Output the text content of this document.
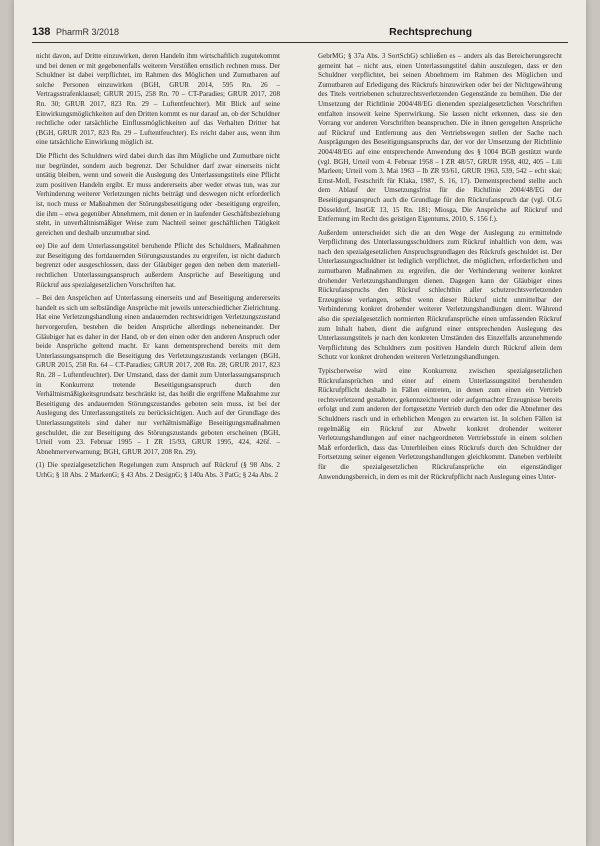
138 PharmR 3/2018	Rechtsprechung

nicht davon, auf Dritte einzuwirken, deren Handeln ihm wirtschaftlich zugutekommt und bei denen er mit gegebenenfalls weiteren Verstößen ernstlich rechnen muss. Der Schuldner ist dabei verpflichtet, im Rahmen des Möglichen und Zumutbaren auf solche Personen einzuwirken (BGH, GRUR 2014, 595 Rn. 26 – Vertragsstrafenklausel; GRUR 2015, 258 Rn. 70 – CT-Paradies; GRUR 2017, 208 Rn. 30; GRUR 2017, 823 Rn. 29 – Luftentfeuchter). Mit Blick auf seine Einwirkungsmöglichkeiten auf den Dritten kommt es nur darauf an, ob der Schuldner rechtliche oder tatsächliche Einflussmöglichkeiten auf das Verhalten Dritter hat (BGH, GRUR 2017, 823 Rn. 29 – Luftentfeuchter). Es reicht daher aus, wenn ihm eine tatsächliche Einwirkung möglich ist.

Die Pflicht des Schuldners wird dabei durch das ihm Mögliche und Zumutbare nicht nur begründet, sondern auch begrenzt. Der Schuldner darf zwar einerseits nicht untätig bleiben, wenn und soweit die Auslegung des Unterlassungstitels eine Pflicht zum positiven Handeln ergibt. Er muss andererseits aber weder etwas tun, was zur Verhinderung weiterer Verletzungen nichts beiträgt und deswegen nicht erforderlich ist, noch muss er Maßnahmen der Störungsbeseitigung oder -beseitigung ergreifen, die ihm – etwa gegenüber Abnehmern, mit denen er in laufender Geschäftsbeziehung steht, in unverhältnismäßiger Weise zum Nachteil seiner geschäftlichen Tätigkeit gereichen und deshalb unzumutbar sind.

ee) Die auf dem Unterlassungstitel beruhende Pflicht des Schuldners, Maßnahmen zur Beseitigung des fortdauernden Störungszustandes zu ergreifen, ist nicht dadurch begrenzt oder ausgeschlossen, dass der Gläubiger gegen den neben dem materiell-rechtlichen Unterlassungsanspruch außerdem Ansprüche auf Beseitigung und Rückruf aus spezialgesetzlichen Vorschriften hat.

– Bei den Ansprüchen auf Unterlassung einerseits und auf Beseitigung andererseits handelt es sich um selbständige Ansprüche mit jeweils unterschiedlicher Zielrichtung. Hat eine Verletzungshandlung einen andauernden rechtswidrigen Verletzungszustand hervorgerufen, bestehen die beiden Ansprüche allerdings nebeneinander. Der Gläubiger hat es daher in der Hand, ob er den einen oder den anderen Anspruch oder beide Ansprüche geltend macht. Er kann dementsprechend bereits mit dem Unterlassungsanspruch die Beseitigung des Verletzungszustands verlangen (BGH, GRUR 2015, 258 Rn. 64 – CT-Paradies; GRUR 2017, 208 Rn. 28; GRUR 2017, 823 Rn. 28 – Luftentfeuchter). Der Umstand, dass der damit zum Unterlassungsanspruch in Konkurrenz tretende Beseitigungsanspruch durch den Verhältnismäßigkeitsgrundsatz beschränkt ist, das heißt die ergriffene Maßnahme zur Beseitigung des andauernden Störungszustandes geboten sein muss, ist bei der Auslegung des Unterlassungstitels zu berücksichtigen. Auch auf der Grundlage des Unterlassungstitels sind daher nur verhältnismäßige Beseitigungsmaßnahmen geschuldet, die zur Beseitigung des Störungszustands geboten erscheinen (BGH, Urteil vom 23. Februar 1995 – I ZR 15/93, GRUR 1995, 424, 426f. – Abnehmerverwarnung; BGH, GRUR 2017, 208 Rn. 29).

(1) Die spezialgesetzlichen Regelungen zum Anspruch auf Rückruf (§ 98 Abs. 2 UrhG; § 18 Abs. 2 MarkenG; § 43 Abs. 2 DesignG; § 140a Abs. 3 PatG; § 24a Abs. 2

GebrMG; § 37a Abs. 3 SortSchG) schließen es – anders als das Bereicherungsrecht gemeint hat – nicht aus, einen Unterlassungstitel dahin auszulegen, dass er den Schuldner verpflichtet, bei seinen Abnehmern im Rahmen des Möglichen und Zumutbaren auf Erledigung des Rückrufs hinzuwirken oder bei der Nichtgewährung des Titels vertriebenen schutzrechtsverletzenden Gegenstände zu bemühen. Die der Umsetzung der Richtlinie 2004/48/EG dienenden spezialgesetzlichen Vorschriften entfalten insoweit keine Sperrwirkung. Sie lassen nicht erkennen, dass sie den Vorrang vor anderen Vorschriften beanspruchen. Die in ihnen geregelten Ansprüche auf Rückruf und Entfernung aus den Vertriebswegen stellen der Sache nach Ausprägungen des Beseitigungsanspruchs dar, der vor der Umsetzung der Richtlinie 2004/48/EG auf eine entsprechende Anwendung des § 1004 BGB gestützt wurde (vgl. BGH, Urteil vom 4. Februar 1958 – I ZR 48/57, GRUR 1958, 402, 405 – Lili Marleen; Urteil vom 3. Mai 1963 – Ib ZR 93/61, GRUR 1963, 539, 542 – echt skai; Ernst-Moll, Festschrift für Klaka, 1987, S. 16, 17). Dementsprechend stellte auch dem Ablauf der Umsetzungsfrist für die Richtlinie 2004/48/EG der Beseitigungsanspruch auch die Grundlage für den Rückrufanspruch dar (vgl. OLG Düsseldorf, InstGE 13, 15 Rn. 181; Miosga, Die Ansprüche auf Rückruf und Entfernung im Recht des geistigen Eigentums, 2010, S. 156 f.).

Außerdem unterscheidet sich die an den Wege der Auslegung zu ermittelnde Verpflichtung des Unterlassungsschuldners zum Rückruf inhaltlich von dem, was nach den spezialgesetzlichen Anspruchsgrundlagen des Rückrufs geschuldet ist. Der Unterlassungsschuldner ist lediglich verpflichtet, die möglichen, erforderlichen und zumutbaren Maßnahmen zu ergreifen, die der Verhinderung weiterer konkret drohender Verletzungshandlungen dienen. Dagegen kann der Gläubiger eines Rückrufanspruchs den Rückruf schlechthin aller schutzrechtsverletzenden Erzeugnisse verlangen, selbst wenn dieser Rückruf nicht unmittelbar der Verhinderung konkret drohender weiterer Verletzungshandlungen dient. Während also die spezialgesetzlich normierten Rückrufansprüche einen umfassenden Rückruf zum Inhalt haben, dient die aufgrund einer entsprechenden Auslegung des Unterlassungstitels je nach den konkreten Umständen des Einzelfalls anzunehmende Verpflichtung des Schuldners zum positiven Handeln durch Rückruf allein dem Schutz vor konkret drohenden weiteren Verletzungshandlungen.

Typischerweise wird eine Konkurrenz zwischen spezialgesetzlichen Rückrufansprüchen und einer auf einem Unterlassungstitel beruhenden Rückrufpflicht deshalb in Fällen eintreten, in denen zum einen ein Vertrieb rechtsverletzend gestalteter, gekennzeichneter oder aufgemachter Erzeugnisse bereits erfolgt und zum anderen der fortgesetzte Vertrieb durch den oder die Abnehmer des Schuldners rasch und in erheblichen Mengen zu erwarten ist. In solchen Fällen ist regelmäßig ein Rückruf zur Abwehr konkret drohender weiterer Verletzungshandlungen auf einer nachgeordneten Vertriebsstufe in einem solchen Maß erforderlich, dass das Unterbleiben eines Rückrufs durch den Schuldner der Fortsetzung seiner eigenen Verletzungshandlungen gleichkommt. Daneben verbleibt für die spezialgesetzlichen Rückrufansprüche ein eigenständiger Anwendungsbereich, in dem es mit der Rückrufpflicht nach Auslegung eines Unter-
